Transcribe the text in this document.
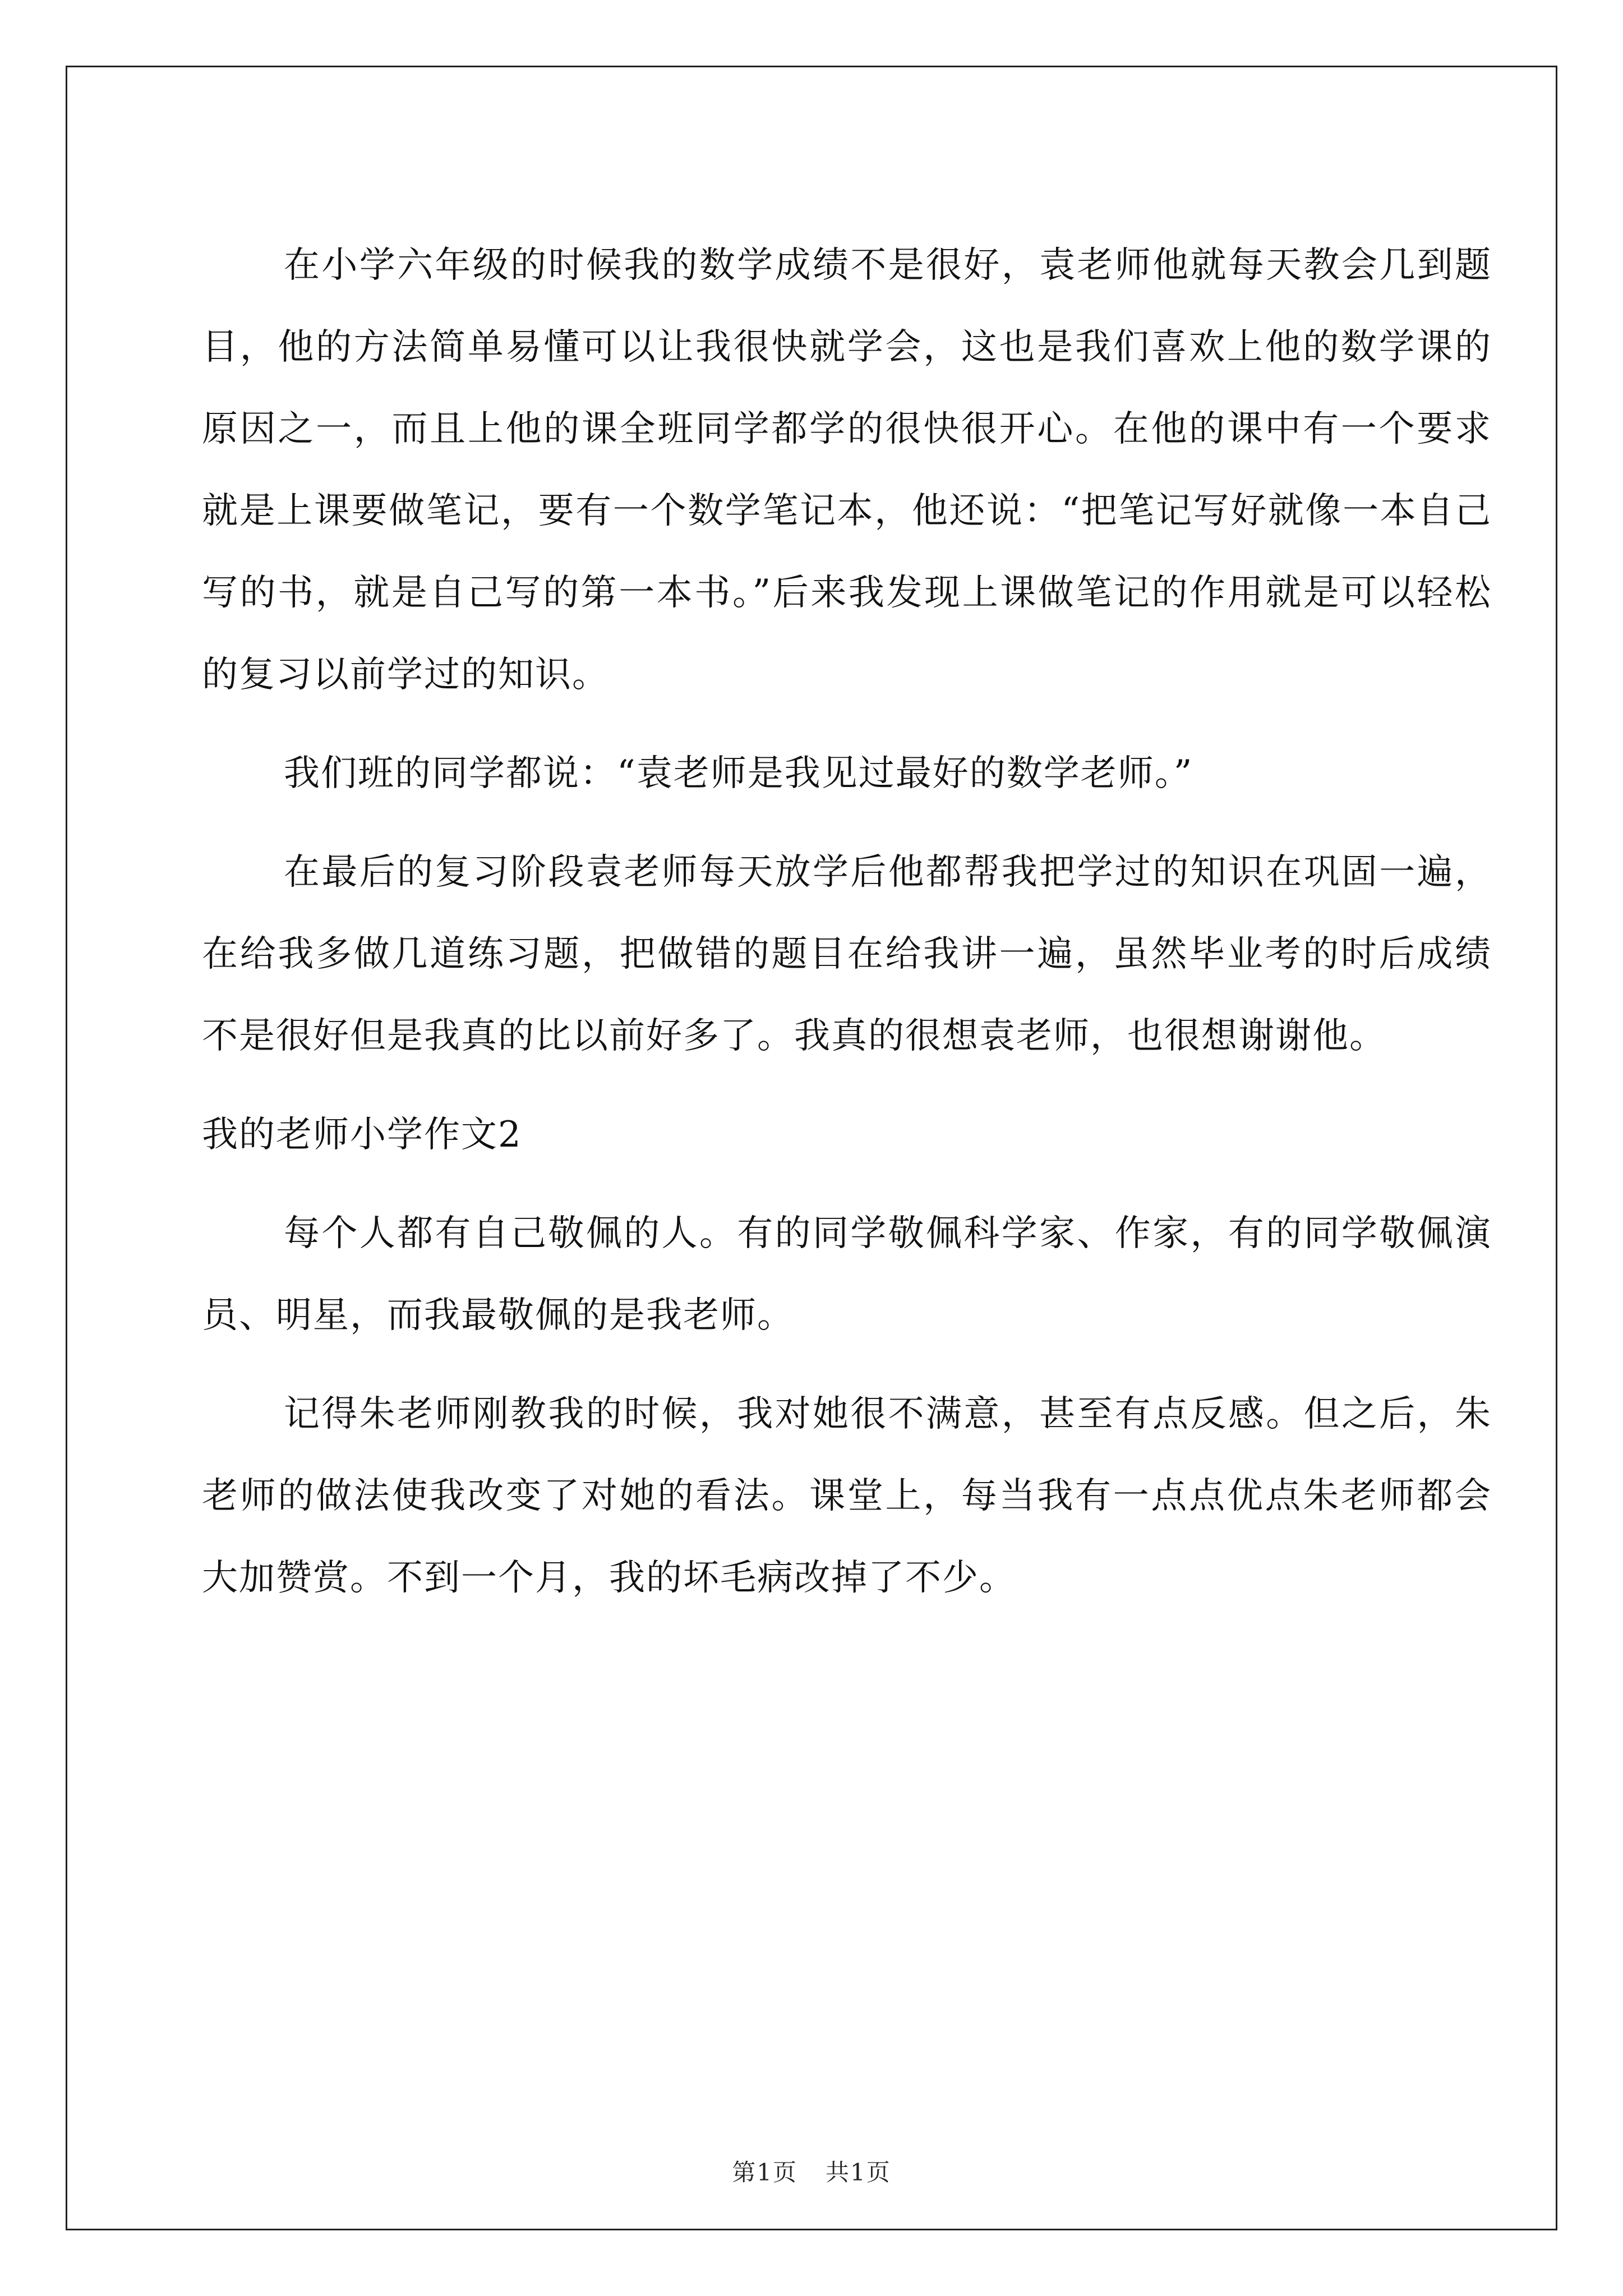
在小学六年级的时候我的数学成绩不是很好，袁老师他就每天教会几到题目，他的方法简单易懂可以让我很快就学会，这也是我们喜欢上他的数学课的原因之一，而且上他的课全班同学都学的很快很开心。在他的课中有一个要求就是上课要做笔记，要有一个数学笔记本，他还说：“把笔记写好就像一本自己写的书，就是自己写的第一本书。”后来我发现上课做笔记的作用就是可以轻松的复习以前学过的知识。

我们班的同学都说：“袁老师是我见过最好的数学老师。”

在最后的复习阶段袁老师每天放学后他都帮我把学过的知识在巩固一遍，在给我多做几道练习题，把做错的题目在给我讲一遍，虽然毕业考的时后成绩不是很好但是我真的比以前好多了。我真的很想袁老师，也很想谢谢他。

我的老师小学作文2

每个人都有自己敬佩的人。有的同学敬佩科学家、作家，有的同学敬佩演员、明星，而我最敬佩的是我老师。

记得朱老师刚教我的时候，我对她很不满意，甚至有点反感。但之后，朱老师的做法使我改变了对她的看法。课堂上，每当我有一点点优点朱老师都会大加赞赏。不到一个月，我的坏毛病改掉了不少。

第1页 共1页
